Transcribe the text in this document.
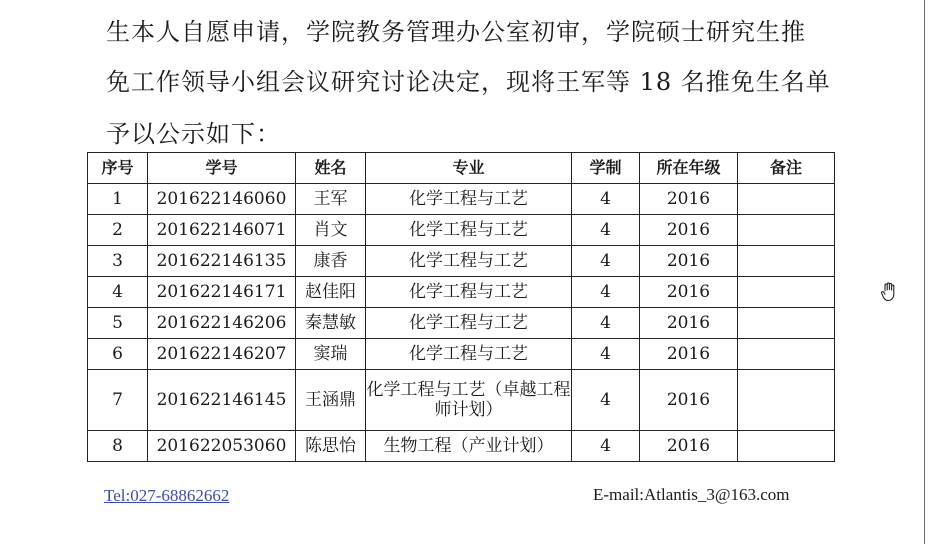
生本人自愿申请，学院教务管理办公室初审，学院硕士研究生推
免工作领导小组会议研究讨论决定，现将王军等 18 名推免生名单
予以公示如下：
序号	学号	姓名	专业	学制	所在年级	备注
1	201622146060	王军	化学工程与工艺	4	2016	
2	201622146071	肖文	化学工程与工艺	4	2016	
3	201622146135	康香	化学工程与工艺	4	2016	
4	201622146171	赵佳阳	化学工程与工艺	4	2016	
5	201622146206	秦慧敏	化学工程与工艺	4	2016	
6	201622146207	窦瑞	化学工程与工艺	4	2016	
7	201622146145	王涵鼎	化学工程与工艺（卓越工程师计划）	4	2016	
8	201622053060	陈思怡	生物工程（产业计划）	4	2016	
Tel:027-68862662	E-mail:Atlantis_3@163.com
